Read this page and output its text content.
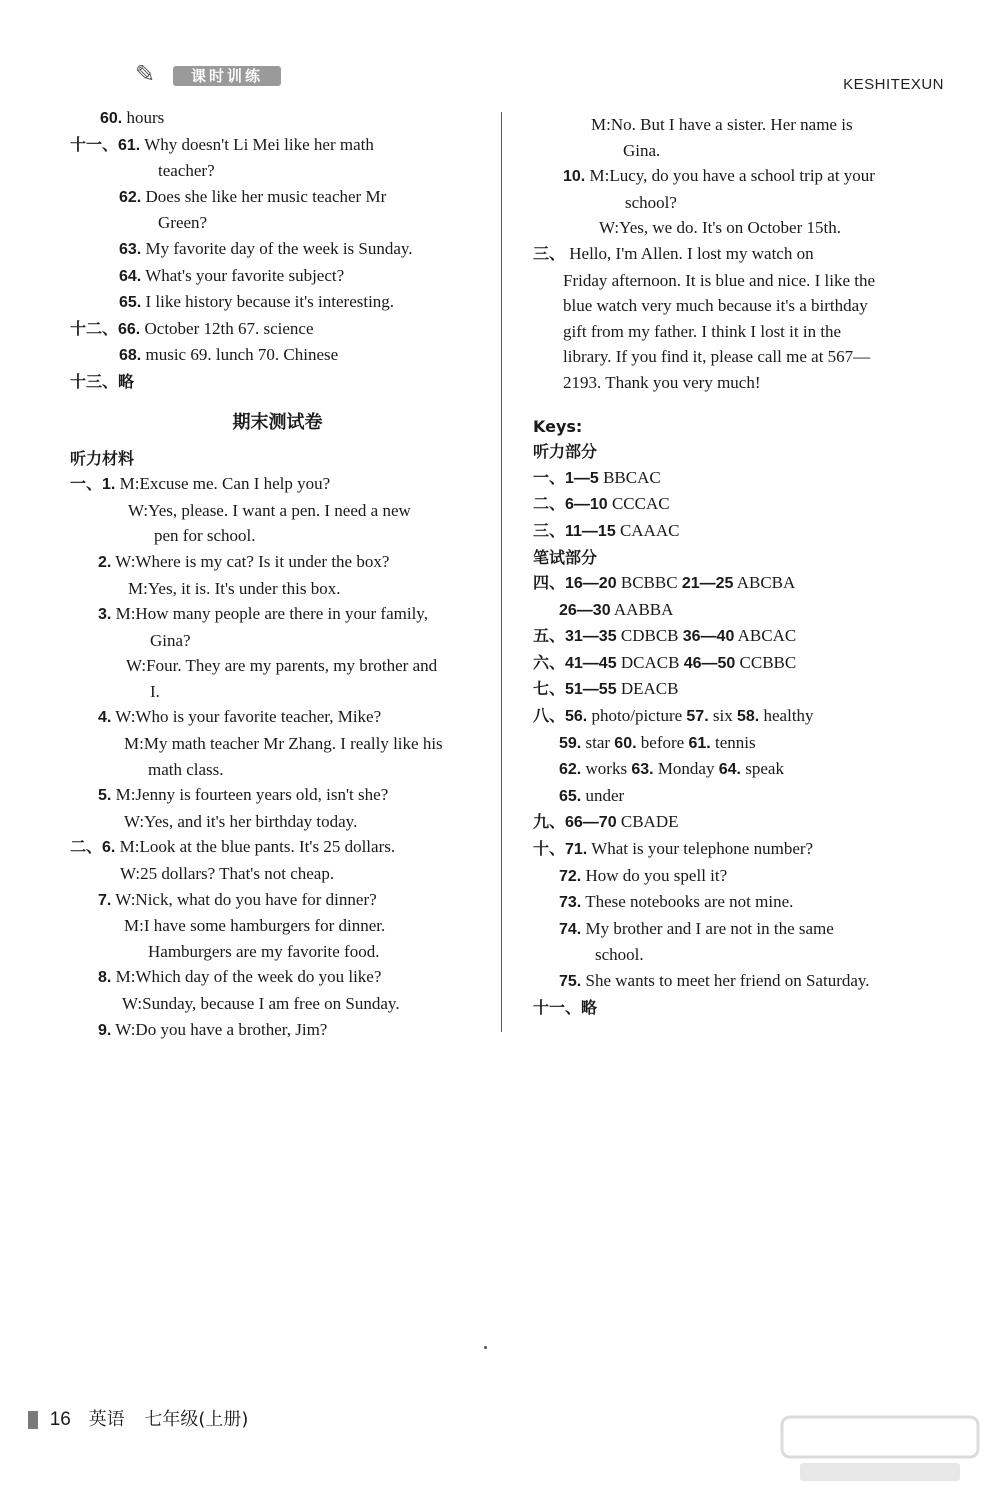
✎	课时训练	KESHITEXUN
60. hours
十一、61. Why doesn't Li Mei like her math
teacher?
62. Does she like her music teacher Mr
Green?
63. My favorite day of the week is Sunday.
64. What's your favorite subject?
65. I like history because it's interesting.
十二、66. October 12th 67. science
68. music 69. lunch 70. Chinese
十三、略
期末测试卷
听力材料
一、1. M:Excuse me. Can I help you?
W:Yes, please. I want a pen. I need a new
pen for school.
2. W:Where is my cat? Is it under the box?
M:Yes, it is. It's under this box.
3. M:How many people are there in your family,
Gina?
W:Four. They are my parents, my brother and
I.
4. W:Who is your favorite teacher, Mike?
M:My math teacher Mr Zhang. I really like his
math class.
5. M:Jenny is fourteen years old, isn't she?
W:Yes, and it's her birthday today.
二、6. M:Look at the blue pants. It's 25 dollars.
W:25 dollars? That's not cheap.
7. W:Nick, what do you have for dinner?
M:I have some hamburgers for dinner.
Hamburgers are my favorite food.
8. M:Which day of the week do you like?
W:Sunday, because I am free on Sunday.
9. W:Do you have a brother, Jim?
M:No. But I have a sister. Her name is
Gina.
10. M:Lucy, do you have a school trip at your
school?
W:Yes, we do. It's on October 15th.
三、 Hello, I'm Allen. I lost my watch on
Friday afternoon. It is blue and nice. I like the
blue watch very much because it's a birthday
gift from my father. I think I lost it in the
library. If you find it, please call me at 567—
2193. Thank you very much!
Keys:
听力部分
一、1—5 BBCAC
二、6—10 CCCAC
三、11—15 CAAAC
笔试部分
四、16—20 BCBBC 21—25 ABCBA
26—30 AABBA
五、31—35 CDBCB 36—40 ABCAC
六、41—45 DCACB 46—50 CCBBC
七、51—55 DEACB
八、56. photo/picture 57. six 58. healthy
59. star 60. before 61. tennis
62. works 63. Monday 64. speak
65. under
九、66—70 CBADE
十、71. What is your telephone number?
72. How do you spell it?
73. These notebooks are not mine.
74. My brother and I are not in the same
school.
75. She wants to meet her friend on Saturday.
十一、略
16 英语 七年级(上册)
